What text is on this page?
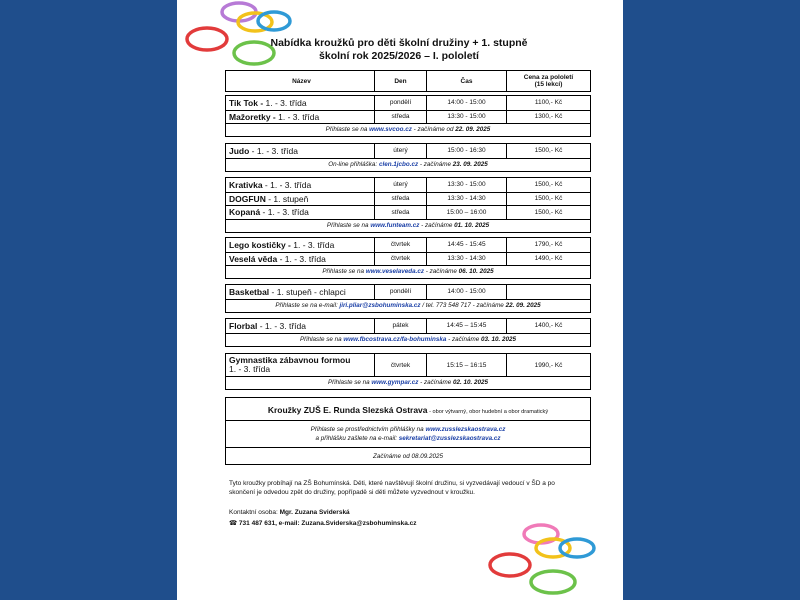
Nabídka kroužků pro děti školní družiny + 1. stupně
školní rok 2025/2026 – I. pololetí
Název	Den	Čas	Cena za pololetí
(15 lekcí)
Tik Tok - 1. - 3. třída	pondělí	14:00 - 15:00	1100,- Kč
Mažoretky - 1. - 3. třída	středa	13:30 - 15:00	1300,- Kč
Přihlaste se na www.svcoo.cz - začínáme od 22. 09. 2025
Judo - 1. - 3. třída	úterý	15:00 - 16:30	1500,- Kč
On-line přihláška: clen.1jcbo.cz - začínáme 23. 09. 2025
Krativka - 1. - 3. třída	úterý	13:30 - 15:00	1500,- Kč
DOGFUN - 1. stupeň	středa	13:30 - 14:30	1500,- Kč
Kopaná - 1. - 3. třída	středa	15:00 – 16:00	1500,- Kč
Přihlaste se na www.funteam.cz - začínáme 01. 10. 2025
Lego kostičky - 1. - 3. třída	čtvrtek	14:45 - 15:45	1790,- Kč
Veselá věda - 1. - 3. třída	čtvrtek	13:30 - 14:30	1490,- Kč
Přihlaste se na www.veselaveda.cz - začínáme 06. 10. 2025
Basketbal - 1. stupeň - chlapci	pondělí	14:00 - 15:00
Přihlaste se na e-mail: jiri.pliar@zsbohuminska.cz / tel. 773 548 717 - začínáme 22. 09. 2025
Florbal - 1. - 3. třída	pátek	14:45 – 15:45	1400,- Kč
Přihlaste se na www.fbcostrava.cz/fa-bohuminska - začínáme 03. 10. 2025
Gymnastika zábavnou formou
1. - 3. třída	čtvrtek	15:15 – 16:15	1990,- Kč
Přihlaste se na www.gympar.cz - začínáme 02. 10. 2025
Kroužky ZUŠ E. Runda Slezská Ostrava - obor výtvarný, obor hudební a obor dramatický
Přihlaste se prostřednictvím přihlášky na www.zusslezskaostrava.cz
a přihlášku zašlete na e-mail: sekretariat@zusslezskaostrava.cz
Začínáme od 08.09.2025
Tyto kroužky probíhají na ZŠ Bohumínská. Děti, které navštěvují školní družinu, si vyzvedávají vedoucí v ŠD a po skončení je odvedou zpět do družiny, popřípadě si děti můžete vyzvednout v kroužku.
Kontaktní osoba: Mgr. Zuzana Sviderská
☎ 731 487 631, e-mail: Zuzana.Sviderska@zsbohuminska.cz
